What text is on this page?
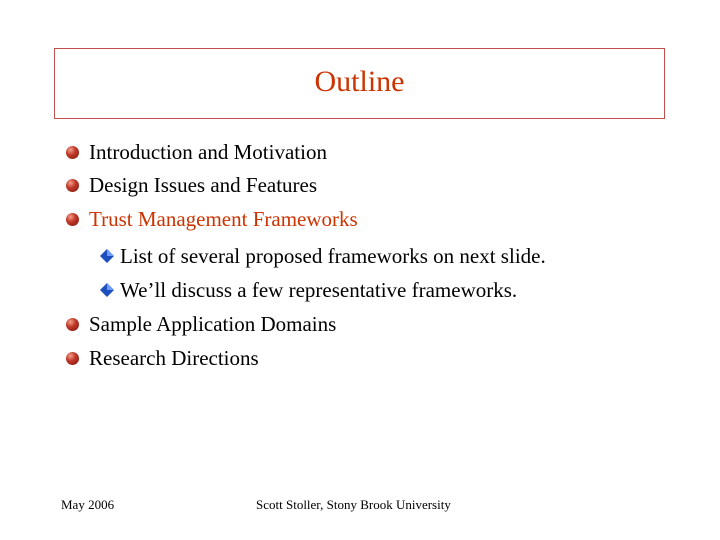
Outline
Introduction and Motivation
Design Issues and Features
Trust Management Frameworks
List of several proposed frameworks on next slide.
We’ll discuss a few representative frameworks.
Sample Application Domains
Research Directions
May 2006	Scott Stoller, Stony Brook University
